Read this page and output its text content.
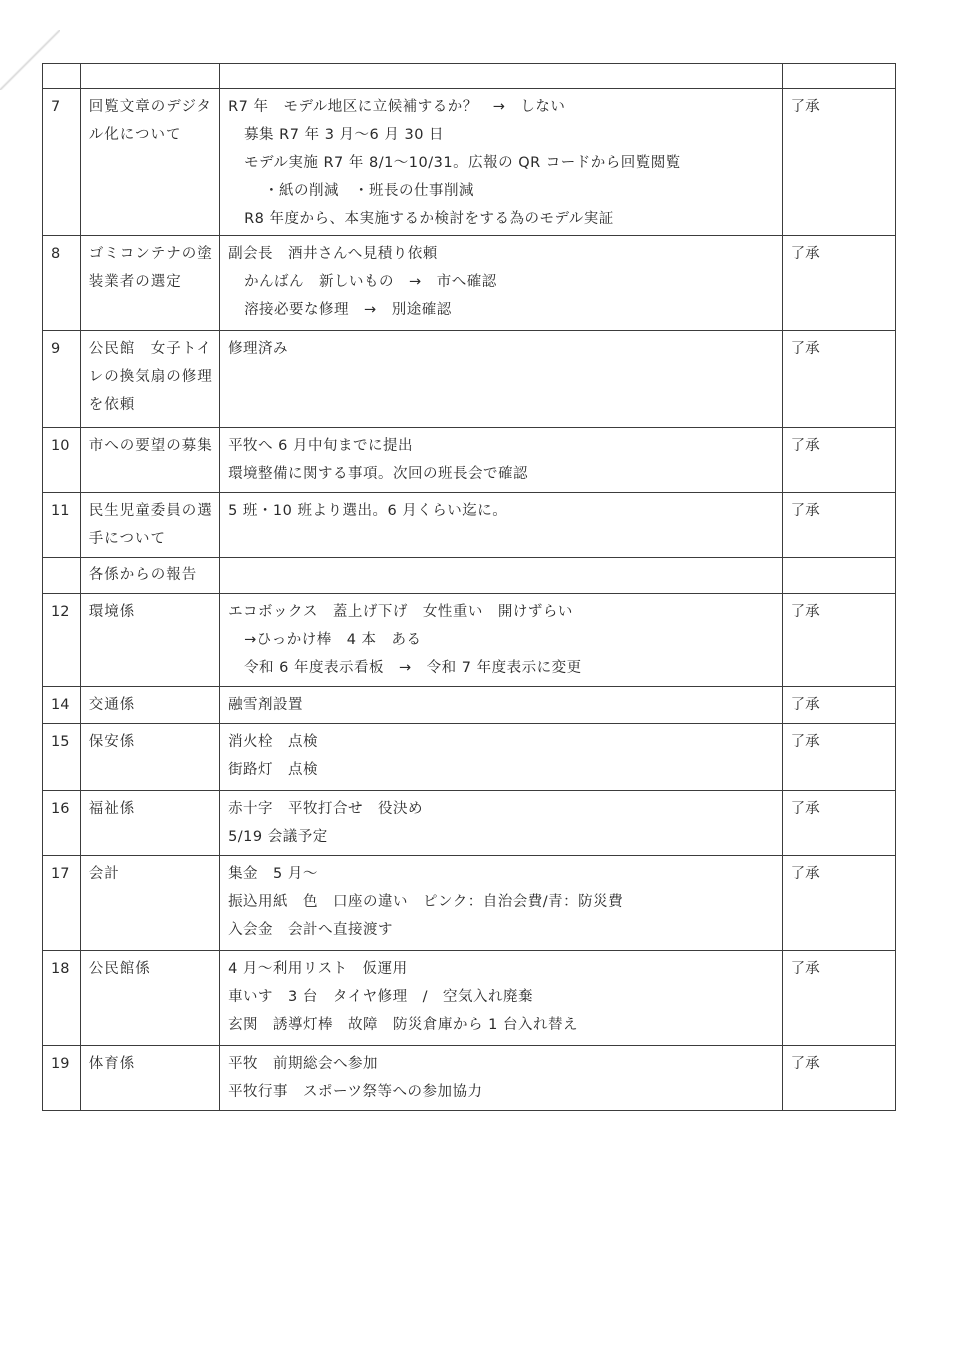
7	回覧文章のデジタル化について	R7 年　モデル地区に立候補するか？　→　しない
募集 R7 年 3 月～6 月 30 日
モデル実施 R7 年 8/1～10/31。広報の QR コードから回覧閲覧
・紙の削減　・班長の仕事削減
R8 年度から、本実施するか検討をする為のモデル実証	了承
8	ゴミコンテナの塗装業者の選定	副会長　酒井さんへ見積り依頼
かんばん　新しいもの　→　市へ確認
溶接必要な修理　→　別途確認	了承
9	公民館　女子トイレの換気扇の修理を依頼	修理済み	了承
10	市への要望の募集	平牧へ 6 月中旬までに提出
環境整備に関する事項。次回の班長会で確認	了承
11	民生児童委員の選手について	5 班・10 班より選出。6 月くらい迄に。	了承
	各係からの報告		
12	環境係	エコボックス　蓋上げ下げ　女性重い　開けずらい
→ひっかけ棒　4 本　ある
令和 6 年度表示看板　→　令和 7 年度表示に変更	了承
14	交通係	融雪剤設置	了承
15	保安係	消火栓　点検
街路灯　点検	了承
16	福祉係	赤十字　平牧打合せ　役決め
5/19 会議予定	了承
17	会計	集金　5 月～
振込用紙　色　口座の違い　ピンク：自治会費/青：防災費
入会金　会計へ直接渡す	了承
18	公民館係	4 月～利用リスト　仮運用
車いす　3 台　タイヤ修理　/　空気入れ廃棄
玄関　誘導灯棒　故障　防災倉庫から 1 台入れ替え	了承
19	体育係	平牧　前期総会へ参加
平牧行事　スポーツ祭等への参加協力	了承
